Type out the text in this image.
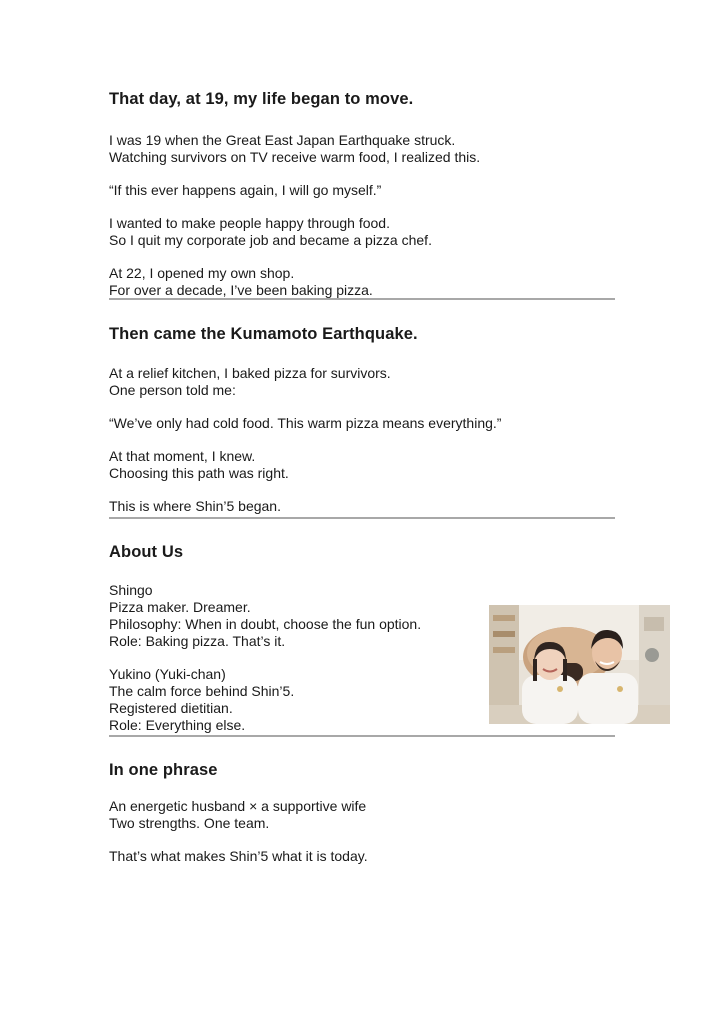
That day, at 19, my life began to move.
I was 19 when the Great East Japan Earthquake struck.
Watching survivors on TV receive warm food, I realized this.
“If this ever happens again, I will go myself.”
I wanted to make people happy through food.
So I quit my corporate job and became a pizza chef.
At 22, I opened my own shop.
For over a decade, I’ve been baking pizza.
Then came the Kumamoto Earthquake.
At a relief kitchen, I baked pizza for survivors.
One person told me:
“We’ve only had cold food. This warm pizza means everything.”
At that moment, I knew.
Choosing this path was right.
This is where Shin’5 began.
About Us
Shingo
Pizza maker. Dreamer.
Philosophy: When in doubt, choose the fun option.
Role: Baking pizza. That’s it.
Yukino (Yuki-chan)
The calm force behind Shin’5.
Registered dietitian.
Role: Everything else.
In one phrase
An energetic husband × a supportive wife
Two strengths. One team.
That’s what makes Shin’5 what it is today.
